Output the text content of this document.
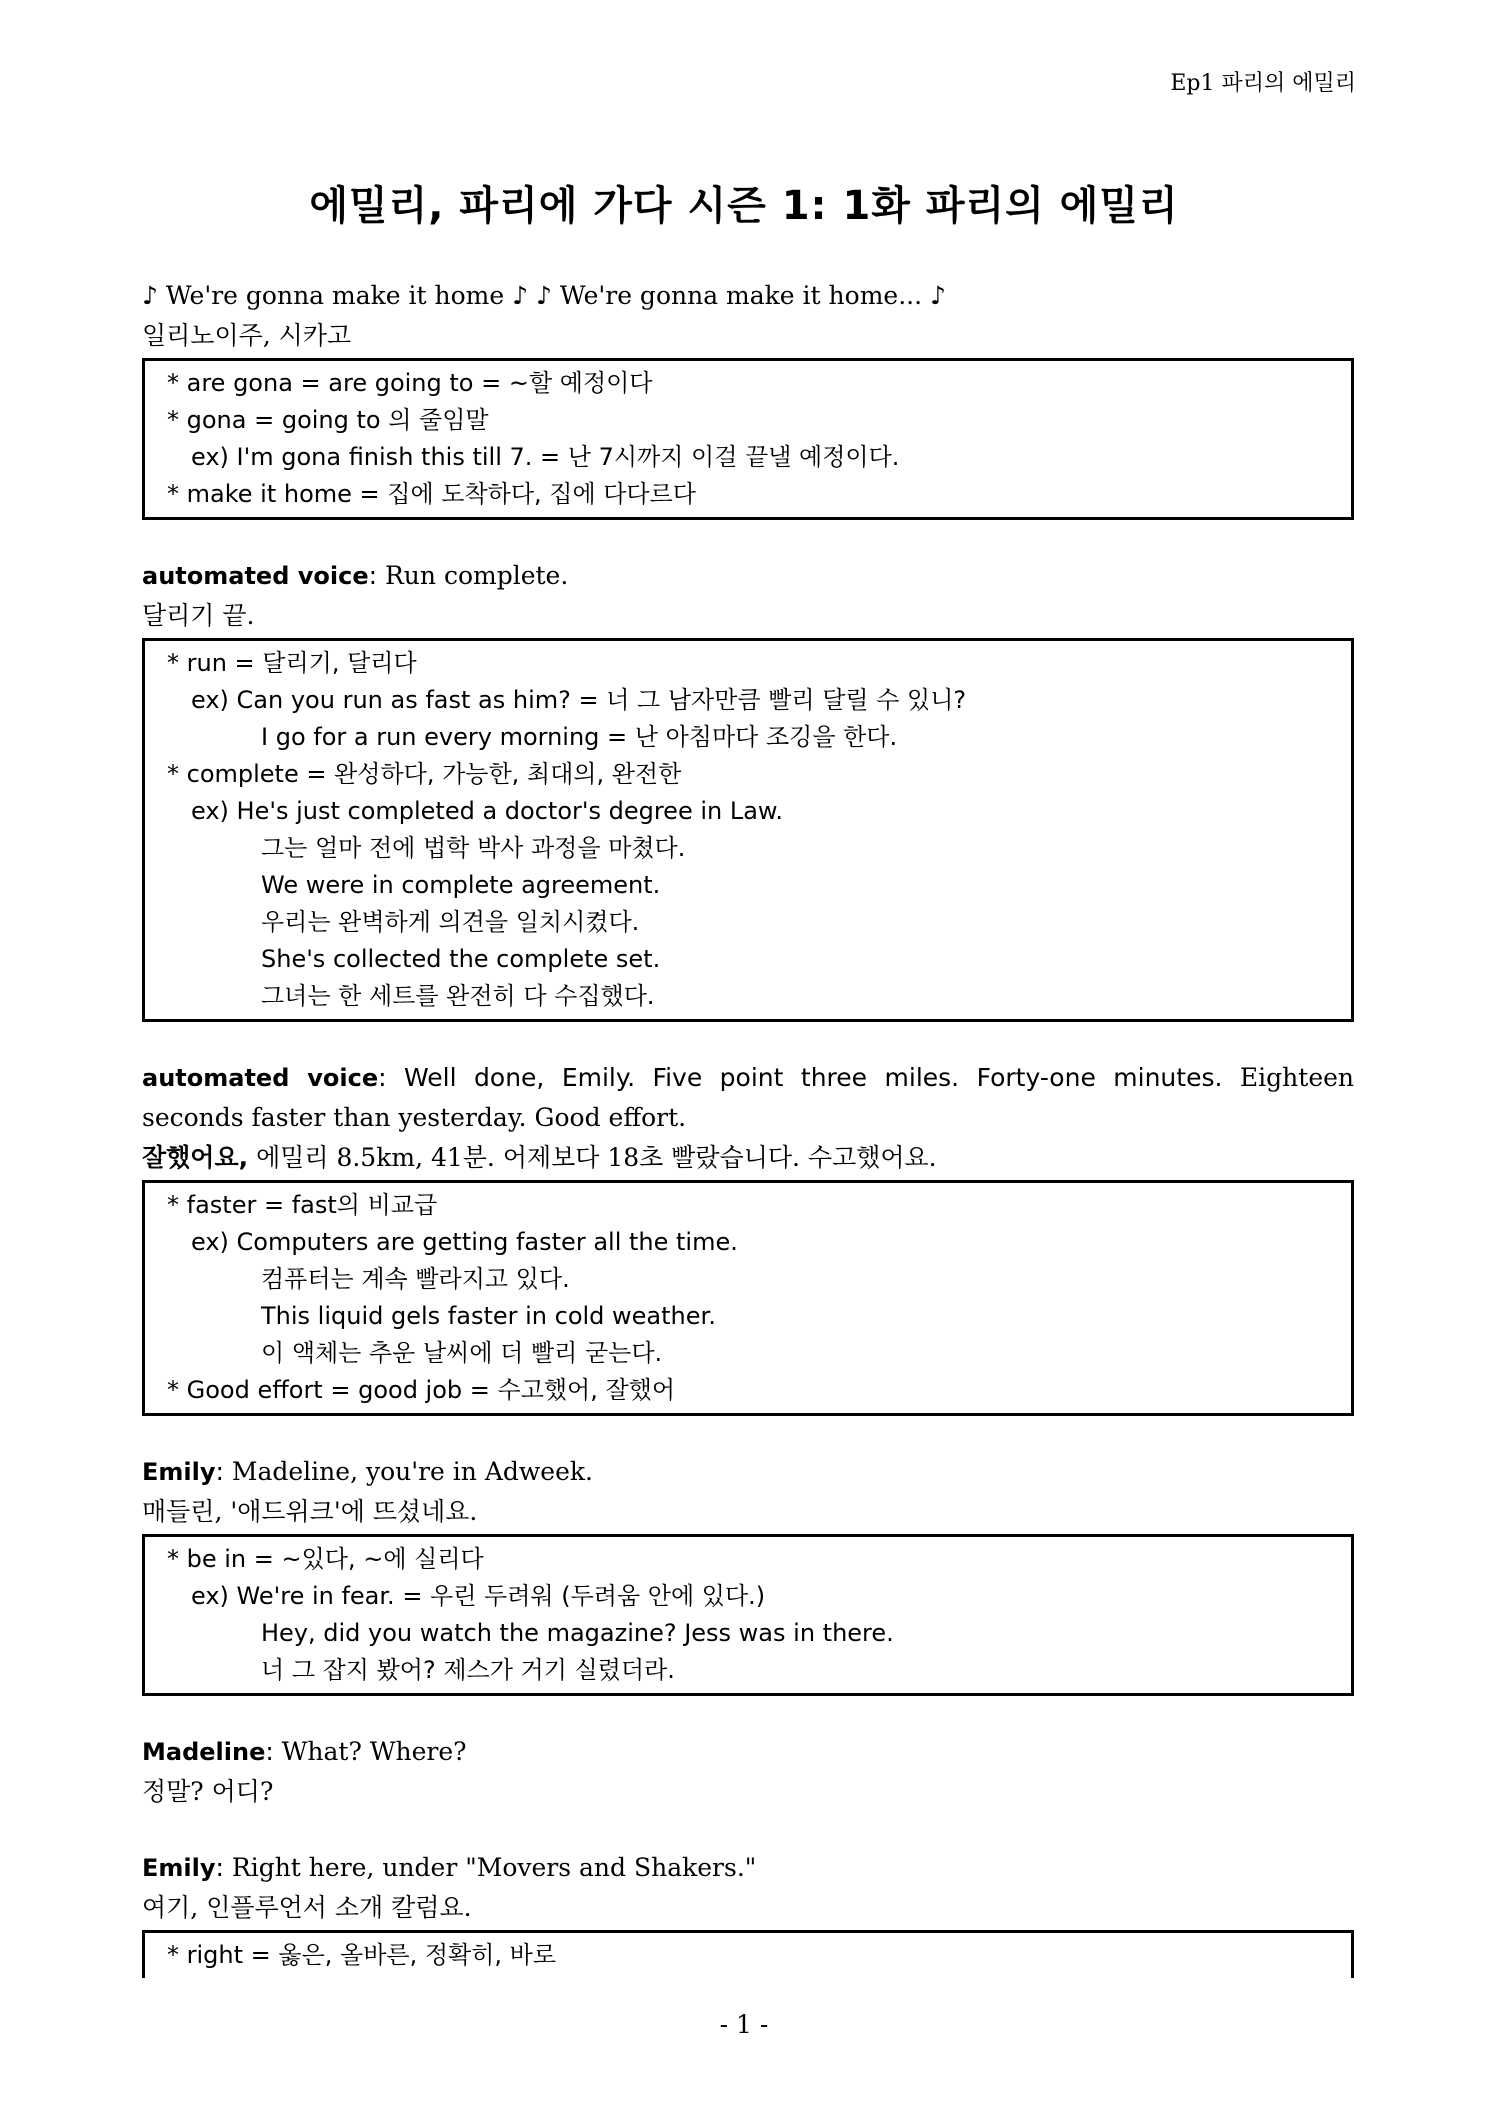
Ep1 파리의 에밀리
에밀리, 파리에 가다 시즌 1: 1화 파리의 에밀리
♪ We're gonna make it home ♪ ♪ We're gonna make it home... ♪
일리노이주, 시카고
* are gona = are going to = ~할 예정이다
* gona = going to 의 줄임말
ex) I'm gona finish this till 7. = 난 7시까지 이걸 끝낼 예정이다.
* make it home = 집에 도착하다, 집에 다다르다
automated voice: Run complete.
달리기 끝.
* run = 달리기, 달리다
ex) Can you run as fast as him? = 너 그 남자만큼 빨리 달릴 수 있니?
I go for a run every morning = 난 아침마다 조깅을 한다.
* complete = 완성하다, 가능한, 최대의, 완전한
ex) He's just completed a doctor's degree in Law.
그는 얼마 전에 법학 박사 과정을 마쳤다.
We were in complete agreement.
우리는 완벽하게 의견을 일치시켰다.
She's collected the complete set.
그녀는 한 세트를 완전히 다 수집했다.
automated voice: Well done, Emily. Five point three miles. Forty-one minutes. Eighteen seconds faster than yesterday. Good effort.
잘했어요, 에밀리 8.5km, 41분. 어제보다 18초 빨랐습니다. 수고했어요.
* faster = fast의 비교급
ex) Computers are getting faster all the time.
컴퓨터는 계속 빨라지고 있다.
This liquid gels faster in cold weather.
이 액체는 추운 날씨에 더 빨리 굳는다.
* Good effort = good job = 수고했어, 잘했어
Emily: Madeline, you're in Adweek.
매들린, '애드위크'에 뜨셨네요.
* be in = ~있다, ~에 실리다
ex) We're in fear. = 우린 두려워 (두려움 안에 있다.)
Hey, did you watch the magazine? Jess was in there.
너 그 잡지 봤어? 제스가 거기 실렸더라.
Madeline: What? Where?
정말? 어디?
Emily: Right here, under "Movers and Shakers."
여기, 인플루언서 소개 칼럼요.
* right = 옳은, 올바른, 정확히, 바로
- 1 -
